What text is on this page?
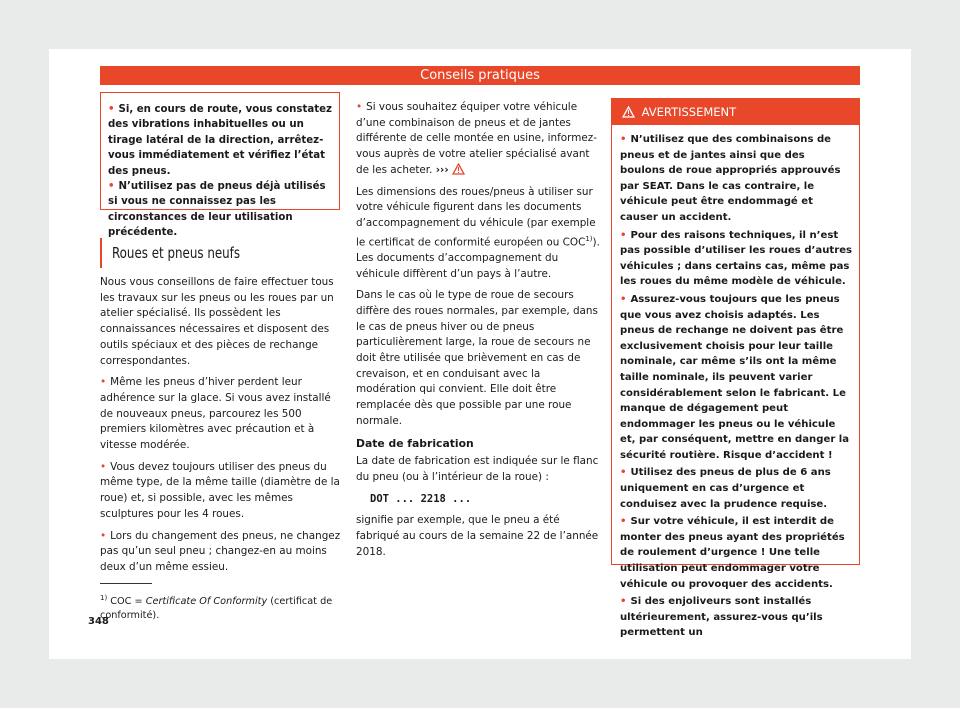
Conseils pratiques

• Si, en cours de route, vous constatez des vibrations inhabituelles ou un tirage latéral de la direction, arrêtez-vous immédiatement et vérifiez l’état des pneus.

• N’utilisez pas de pneus déjà utilisés si vous ne connaissez pas les circonstances de leur utilisation précédente.

Roues et pneus neufs

Nous vous conseillons de faire effectuer tous les travaux sur les pneus ou les roues par un atelier spécialisé. Ils possèdent les connaissances nécessaires et disposent des outils spéciaux et des pièces de rechange correspondantes.

• Même les pneus d’hiver perdent leur adhérence sur la glace. Si vous avez installé de nouveaux pneus, parcourez les 500 premiers kilomètres avec précaution et à vitesse modérée.

• Vous devez toujours utiliser des pneus du même type, de la même taille (diamètre de la roue) et, si possible, avec les mêmes sculptures pour les 4 roues.

• Lors du changement des pneus, ne changez pas qu’un seul pneu ; changez-en au moins deux d’un même essieu.

$^{1)}$ COC = Certificate Of Conformity (certificat de conformité).
348

• Si vous souhaitez équiper votre véhicule d’une combinaison de pneus et de jantes différente de celle montée en usine, informez-vous auprès de votre atelier spécialisé avant de les acheter. ›››

Les dimensions des roues/pneus à utiliser sur votre véhicule figurent dans les documents d’accompagnement du véhicule (par exemple le certificat de conformité européen ou COC$^{1)}$). Les documents d’accompagnement du véhicule diffèrent d’un pays à l’autre.

Dans le cas où le type de roue de secours diffère des roues normales, par exemple, dans le cas de pneus hiver ou de pneus particulièrement large, la roue de secours ne doit être utilisée que brièvement en cas de crevaison, et en conduisant avec la modération qui convient. Elle doit être remplacée dès que possible par une roue normale.

Date de fabrication

La date de fabrication est indiquée sur le flanc du pneu (ou à l’intérieur de la roue) :

DOT ... 2218 ...

signifie par exemple, que le pneu a été fabriqué au cours de la semaine 22 de l’année 2018.

AVERTISSEMENT

• N’utilisez que des combinaisons de pneus et de jantes ainsi que des boulons de roue appropriés approuvés par SEAT. Dans le cas contraire, le véhicule peut être endommagé et causer un accident.

• Pour des raisons techniques, il n’est pas possible d’utiliser les roues d’autres véhicules ; dans certains cas, même pas les roues du même modèle de véhicule.

• Assurez-vous toujours que les pneus que vous avez choisis adaptés. Les pneus de rechange ne doivent pas être exclusivement choisis pour leur taille nominale, car même s’ils ont la même taille nominale, ils peuvent varier considérablement selon le fabricant. Le manque de dégagement peut endommager les pneus ou le véhicule et, par conséquent, mettre en danger la sécurité routière. Risque d’accident !

• Utilisez des pneus de plus de 6 ans uniquement en cas d’urgence et conduisez avec la prudence requise.

• Sur votre véhicule, il est interdit de monter des pneus ayant des propriétés de roulement d’urgence ! Une telle utilisation peut endommager votre véhicule ou provoquer des accidents.

• Si des enjoliveurs sont installés ultérieurement, assurez-vous qu’ils permettent un
